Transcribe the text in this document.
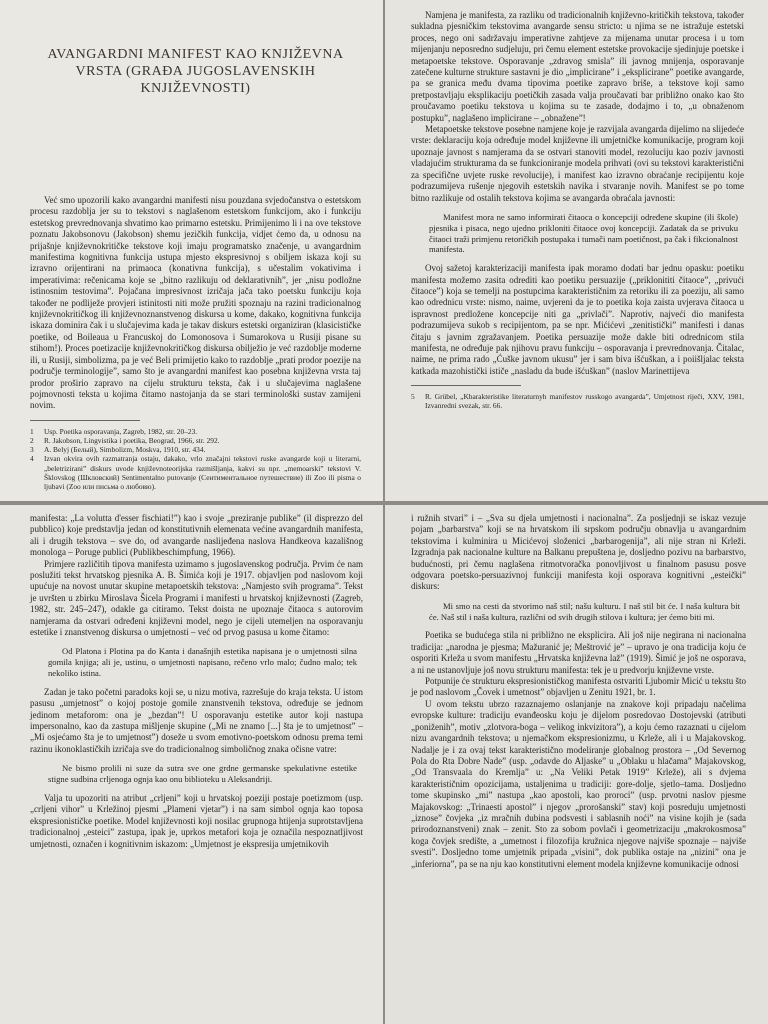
AVANGARDNI MANIFEST KAO KNJIŽEVNA VRSTA (GRAĐA JUGOSLAVENSKIH KNJIŽEVNOSTI)

Već smo upozorili kako avangardni manifesti nisu pouzdana svjedočanstva o estetskom procesu razdoblja jer su to tekstovi s naglašenom estetskom funkcijom, ako i funkciju estetskog prevrednovanja shvatimo kao primarno estetsku. Primijenimo li i na ove tekstove poznatu Jakobsonovu (Jakobson) shemu jezičkih funkcija, vidjet ćemo da, u odnosu na prijašnje književnokritičke tekstove koji imaju programatsko značenje, u avangardnim manifestima kognitivna funkcija ustupa mjesto ekspresivnoj s obiljem iskaza koji su izravno orijentirani na primaoca (konativna funkcija), s učestalim vokativima i imperativima: rečenicama koje se „bitno razlikuju od deklarativnih”, jer „nisu podložne istinosnim testovima”. Pojačana impresivnost izričaja jača tako poetsku funkciju koja također ne podliježe provjeri istinitosti niti može pružiti spoznaju na razini tradicionalnog književnokritičkog ili književnoznanstvenog diskursa u kome, dakako, kognitivna funkcija iskaza dominira čak i u slučajevima kada je takav diskurs estetski organiziran (klasicističke poetike, od Boileaua u Francuskoj do Lomonosova i Sumarokova u Rusiji pisane su stihom!). Proces poetizacije književnokritičkog diskursa obilježio je već razdoblje moderne ili, u Rusiji, simbolizma, pa je već Beli primijetio kako to razdoblje „prati prodor poezije na područje terminologije”, samo što je avangardni manifest kao posebna književna vrsta taj prodor proširio zapravo na cijelu strukturu teksta, čak i u slučajevima naglašene pojmovnosti teksta u kojima čitamo nastojanja da se stari terminološki sustav zamijeni novim.

1	Usp. Poetika osporavanja, Zagreb, 1982, str. 20–23.
2	R. Jakobson, Lingvistika i poetika, Beograd, 1966, str. 292.
3	A. Belyj (Белый), Simbolizm, Moskva, 1910, str. 434.
4	Izvan okvira ovih razmatranja ostaju, dakako, vrlo značajni tekstovi ruske avangarde koji u literarni, „beletrizirani” diskurs uvode književnoteorijska razmišljanja, kakvi su npr. „memoarski” tekstovi V. Šklovskog (Шкловский) Sentimentalno putovanje (Сентиментальное путешествие) ili Zoo ili pisma o ljubavi (Zoo или письма о любовю).

Namjena je manifesta, za razliku od tradicionalnih književno-kritičkih tekstova, također sukladna pjesničkim tekstovima avangarde sensu stricto: u njima se ne istražuje estetski proces, nego oni sadržavaju imperativne zahtjeve za mijenama unutar procesa i u tom mijenjanju neposredno sudjeluju, pri čemu element estetske provokacije sjedinjuje poetske i metapoetske tekstove. Osporavanje „zdravog smisla” ili javnog mnijenja, osporavanje zatečene kulturne strukture sastavni je dio „implicirane” i „eksplicirane” poetike avangarde, pa se granica među dvama tipovima poetike zapravo briše, a tekstove koji samo pretpostavljaju eksplikaciju poetičkih zasada valja proučavati bar približno onako kao što proučavamo poetiku tekstova u kojima su te zasade, dodajmo i to, „u obnaženom postupku”, naglašeno implicirane – „obnažene”!

Metapoetske tekstove posebne namjene koje je razvijala avangarda dijelimo na slijedeće vrste: deklaraciju koja određuje model književne ili umjetničke komunikacije, program koji upoznaje javnost s namjerama da se ostvari stanoviti model, rezoluciju kao poziv javnosti vladajućim strukturama da se funkcioniranje modela prihvati (ovi su tekstovi karakteristični za specifične uvjete ruske revolucije), i manifest kao izravno obraćanje recipijentu koje podrazumijeva rušenje njegovih estetskih navika i stvaranje novih. Manifest se po tome bitno razlikuje od ostalih tekstova kojima se avangarda obraćala javnosti:

Manifest mora ne samo informirati čitaoca o koncepciji određene skupine (ili škole) pjesnika i pisaca, nego ujedno prikloniti čitaoce ovoj koncepciji. Zadatak da se privuku čitaoci traži primjenu retoričkih postupaka i tumači nam poetičnost, pa čak i fikcionalnost manifesta.

Ovoj sažetoj karakterizaciji manifesta ipak moramo dodati bar jednu opasku: poetiku manifesta možemo zasita odrediti kao poetiku persuazije („priklonititi čitaoce”, „privući čitaoce”) koja se temelji na postupcima karakterističnim za retoriku ili za poeziju, ali samo kao odrednicu vrste: nismo, naime, uvjereni da je to poetika koja zaista uvjerava čitaoca u ispravnost predložene koncepcije niti ga „privlači”. Naprotiv, najveći dio manifesta podrazumijeva sukob s recipijentom, pa se npr. Mićićevi „zenitistički” manifesti i danas čitaju s javnim zgražavanjem. Poetika persuazije može dakle biti odrednicom stila manifesta, ne određuje pak njihovu pravu funkciju – osporavanja i prevrednovanja. Čitalac, naime, ne prima rado „Ćuške javnom ukusu” jer i sam biva išćuškan, a i poiišljalac teksta katkada mazohistički ističe „nasladu da bude išćuškan” (naslov Marinettijeva

5	R. Grübel, „Kbarakteristike literaturnyh manifestov russkogo avangarda”, Umjetnost riječi, XXV, 1981, Izvanredni svezak, str. 66.

manifesta: „La volutta d'esser fischiati!”) kao i svoje „preziranje publike” (il disprezzo del pubblico) koje predstavlja jedan od konstitutivnih elemenata većine avangardnih manifesta, ali i drugih tekstova – sve do, od avangarde naslijeđena naslova Handkeova kazališnog monologa – Poruge publici (Publikbeschimpfung, 1966).

Primjere različitih tipova manifesta uzimamo s jugoslavenskog područja. Prvim će nam poslužiti tekst hrvatskog pjesnika A. B. Šimića koji je 1917. objavljen pod naslovom koji upućuje na novost unutar skupine metapoetskih tekstova: „Namjesto svih programa”. Tekst je uvršten u zbirku Miroslava Šicela Programi i manifesti u hrvatskoj književnosti (Zagreb, 1982, str. 245–247), odakle ga citiramo. Tekst doista ne upoznaje čitaoca s autorovim namjerama da ostvari određeni književni model, nego je cijeli utemeljen na osporavanju estetike i znanstvenog diskursa o umjetnosti – već od prvog pasusa u kome čitamo:

Od Platona i Plotina pa do Kanta i današnjih estetika napisana je o umjetnosti silna gomila knjiga; ali je, ustinu, o umjetnosti napisano, rečeno vrlo malo; čudno malo; tek nekoliko istina.

Zadan je tako početni paradoks koji se, u nizu motiva, razrešuje do kraja teksta. U istom pasusu „umjetnost” o kojoj postoje gomile znanstvenih tekstova, određuje se jednom jedinom metaforom: ona je „bezdan”! U osporavanju estetike autor koji nastupa impersonalno, kao da zastupa mišljenje skupine („Mi ne znamo [...] šta je to umjetnost” – „Mi osjećamo šta je to umjetnost”) doseže u svom emotivno-poetskom odnosu prema temi razinu ikonoklastičkih izričaja sve do tradicionalnog simboličnog znaka očisne vatre:

Ne bismo prolili ni suze da sutra sve one grdne germanske spekulativne estetike stigne sudbina crljenoga ognja kao onu biblioteku u Aleksandriji.

Valja tu upozoriti na atribut „crljeni” koji u hrvatskoj poeziji postaje poetizmom (usp. „crljeni vihor” u Krležinoj pjesmi „Plameni vjetar”) i na sam simbol ognja kao toposa ekspresionističke poetike. Model književnosti koji nosilac grupnoga htijenja suprotstavljena tradicionalnoj „esteici” zastupa, ipak je, uprkos metafori koja je označila nespoznatljivost umjetnosti, označen i kognitivnim iskazom: „Umjetnost je ekspresija umjetnikovih

i ružnih stvari” i – „Sva su djela umjetnosti i nacionalna”. Za posljednji se iskaz vezuje pojam „barbarstva” koji se na hrvatskom ili srpskom području obnavlja u avangardnim tekstovima i kulminira u Micićevoj složenici „barbarogenija”, ali nije stran ni Krleži. Izgradnja pak nacionalne kulture na Balkanu prepuštena je, dosljedno pozivu na barbarstvo, budućnosti, pri čemu naglašena ritmotvoračka ponovljivost u finalnom pasusu posve odgovara poetsko-persuazivnoj funkciji manifesta koji osporava kognitivni „esteički” diskurs:

Mi smo na cesti da stvorimo naš stil; našu kulturu. I naš stil bit će. I naša kultura bit će. Naš stil i naša kultura, različni od svih drugih stilova i kultura; jer ćemo biti mi.

Poetika se budućega stila ni približno ne eksplicira. Ali još nije negirana ni nacionalna tradicija: „narodna je pjesma; Mažuranić je; Meštrović je” – upravo je ona tradicija koju će osporiti Krleža u svom manifestu „Hrvatska književna laž” (1919). Šimić je još ne osporava, a ni ne ustanovljuje još novu strukturu manifesta: tek je u predvorju književne vrste.

Potpunije će strukturu ekspresionističkog manifesta ostvariti Ljubomir Micić u tekstu što je pod naslovom „Čovek i umetnost” objavljen u Zenitu 1921, br. 1.

U ovom tekstu ubrzo razaznajemo oslanjanje na znakove koji pripadaju načelima evropske kulture: tradiciju evanđeosku koju je dijelom posredovao Dostojevski (atributi „poniženih”, motiv „zlotvora-boga – velikog inkvizitora”), a koju ćemo razaznati u cijelom nizu avangardnih tekstova; u njemačkom ekspresionizmu, u Krleže, ali i u Majakovskog. Nadalje je i za ovaj tekst karakteristično modeliranje globalnog prostora – „Od Severnog Pola do Rta Dobre Nade” (usp. „odavde do Aljaske” u „Oblaku u hlačama” Majakovskog, „Od Transvaala do Kremlja” u: „Na Veliki Petak 1919” Krleže), ali s dvjema karakterističnim opozicijama, ustaljenima u tradiciji: gore-dolje, sjetlo–tama. Dosljedno tome skupinsko „mi” nastupa „kao apostoli, kao proroci” (usp. prvotni naslov pjesme Majakovskog: „Trinaesti apostol” i njegov „prorošanski” stav) koji posreduju umjetnosti „iznose” čovjeka „iz mračnih dubina podsvesti i sablasnih noći” na visine kojih je (sada prirodoznanstveni) znak – zenit. Sto za sobom povlači i geometrizaciju „makrokosmosa” koga čovjek središte, a „umetnost i filozofija kružnica njegove najviše spoznaje – najviše svesti”. Dosljedno tome umjetnik pripada „visini”, dok publika ostaje na „nizini” ona je „inferiorna”, pa se na nju kao konstitutivni element modela književne komunikacije odnosi
